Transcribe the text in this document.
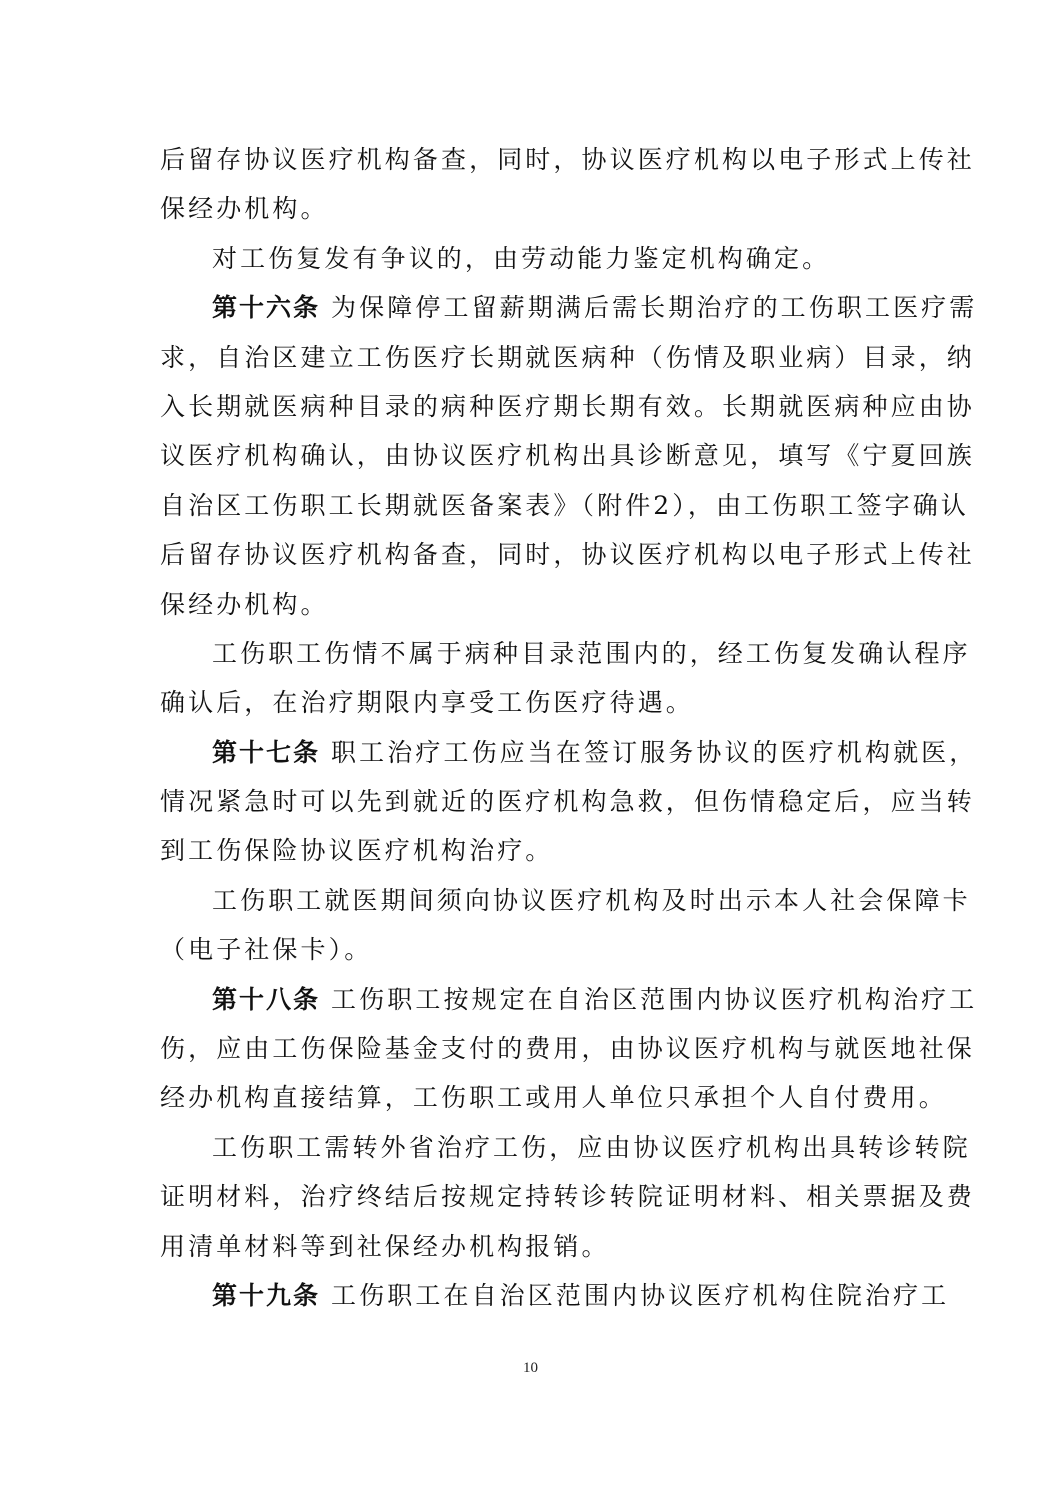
后留存协议医疗机构备查，同时，协议医疗机构以电子形式上传社
保经办机构。
对工伤复发有争议的，由劳动能力鉴定机构确定。
第十六条 为保障停工留薪期满后需长期治疗的工伤职工医疗需
求，自治区建立工伤医疗长期就医病种（伤情及职业病）目录，纳
入长期就医病种目录的病种医疗期长期有效。长期就医病种应由协
议医疗机构确认，由协议医疗机构出具诊断意见，填写《宁夏回族
自治区工伤职工长期就医备案表》（附件2），由工伤职工签字确认
后留存协议医疗机构备查，同时，协议医疗机构以电子形式上传社
保经办机构。
工伤职工伤情不属于病种目录范围内的，经工伤复发确认程序
确认后，在治疗期限内享受工伤医疗待遇。
第十七条 职工治疗工伤应当在签订服务协议的医疗机构就医，
情况紧急时可以先到就近的医疗机构急救，但伤情稳定后，应当转
到工伤保险协议医疗机构治疗。
工伤职工就医期间须向协议医疗机构及时出示本人社会保障卡
（电子社保卡）。
第十八条 工伤职工按规定在自治区范围内协议医疗机构治疗工
伤，应由工伤保险基金支付的费用，由协议医疗机构与就医地社保
经办机构直接结算，工伤职工或用人单位只承担个人自付费用。
工伤职工需转外省治疗工伤，应由协议医疗机构出具转诊转院
证明材料，治疗终结后按规定持转诊转院证明材料、相关票据及费
用清单材料等到社保经办机构报销。
第十九条 工伤职工在自治区范围内协议医疗机构住院治疗工
10
